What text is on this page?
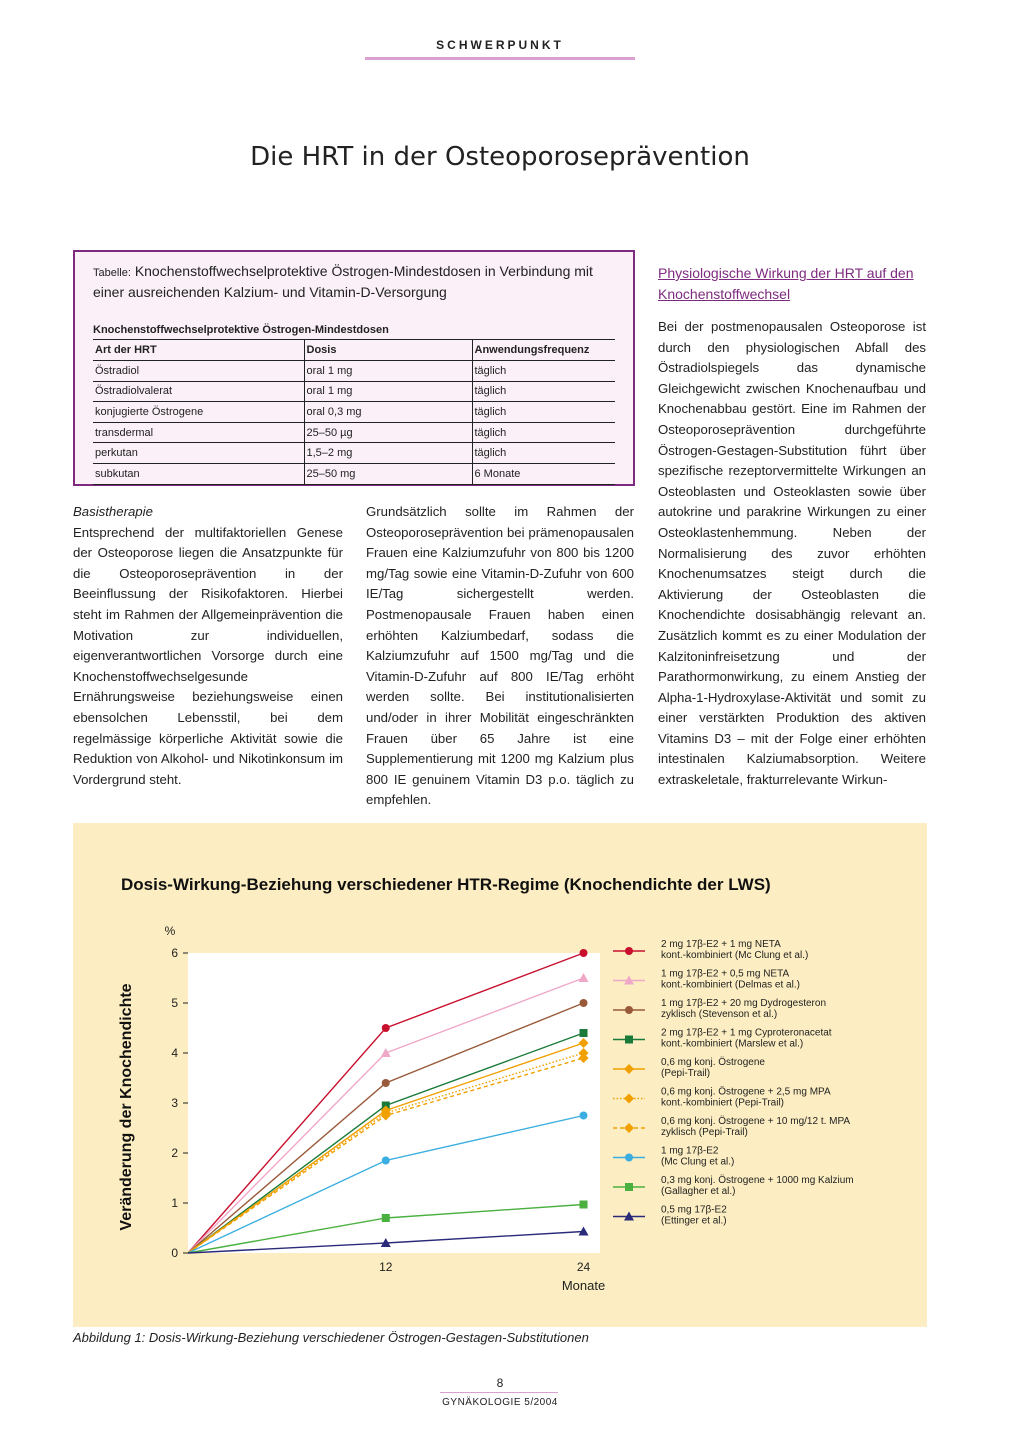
SCHWERPUNKT
Die HRT in der Osteoporoseprävention
Tabelle: Knochenstoffwechselprotektive Östrogen-Mindestdosen in Verbindung mit einer ausreichenden Kalzium- und Vitamin-D-Versorgung
Knochenstoffwechselprotektive Östrogen-Mindestdosen
Art der HRT	Dosis	Anwendungsfrequenz
Östradiol	oral 1 mg	täglich
Östradiolvalerat	oral 1 mg	täglich
konjugierte Östrogene	oral 0,3 mg	täglich
transdermal	25–50 µg	täglich
perkutan	1,5–2 mg	täglich
subkutan	25–50 mg	6 Monate
Basistherapie
Entsprechend der multifaktoriellen Genese der Osteoporose liegen die Ansatzpunkte für die Osteoporoseprävention in der Beeinflussung der Risikofaktoren. Hierbei steht im Rahmen der Allgemeinprävention die Motivation zur individuellen, eigenverantwortlichen Vorsorge durch eine Knochenstoffwechselgesunde Ernährungsweise beziehungsweise einen ebensolchen Lebensstil, bei dem regelmässige körperliche Aktivität sowie die Reduktion von Alkohol- und Nikotinkonsum im Vordergrund steht.
Grundsätzlich sollte im Rahmen der Osteoporoseprävention bei prämenopausalen Frauen eine Kalziumzufuhr von 800 bis 1200 mg/Tag sowie eine Vitamin-D-Zufuhr von 600 IE/Tag sichergestellt werden. Postmenopausale Frauen haben einen erhöhten Kalziumbedarf, sodass die Kalziumzufuhr auf 1500 mg/Tag und die Vitamin-D-Zufuhr auf 800 IE/Tag erhöht werden sollte. Bei institutionalisierten und/oder in ihrer Mobilität eingeschränkten Frauen über 65 Jahre ist eine Supplementierung mit 1200 mg Kalzium plus 800 IE genuinem Vitamin D3 p.o. täglich zu empfehlen.
Physiologische Wirkung der HRT auf den Knochenstoffwechsel
Bei der postmenopausalen Osteoporose ist durch den physiologischen Abfall des Östradiolspiegels das dynamische Gleichgewicht zwischen Knochenaufbau und Knochenabbau gestört. Eine im Rahmen der Osteoporoseprävention durchgeführte Östrogen-Gestagen-Substitution führt über spezifische rezeptorvermittelte Wirkungen an Osteoblasten und Osteoklasten sowie über autokrine und parakrine Wirkungen zu einer Osteoklastenhemmung. Neben der Normalisierung des zuvor erhöhten Knochenumsatzes steigt durch die Aktivierung der Osteoblasten die Knochendichte dosisabhängig relevant an. Zusätzlich kommt es zu einer Modulation der Kalzitoninfreisetzung und der Parathormonwirkung, zu einem Anstieg der Alpha-1-Hydroxylase-Aktivität und somit zu einer verstärkten Produktion des aktiven Vitamins D3 – mit der Folge einer erhöhten intestinalen Kalziumabsorption. Weitere extraskeletale, frakturrelevante Wirkun-
Dosis-Wirkung-Beziehung verschiedener HTR-Regime (Knochendichte der LWS)
0
1
2
3
4
5
6
%
Veränderung der Knochendichte
12	24
Monate
2 mg 17β-E2 + 1 mg NETA
kont.-kombiniert (Mc Clung et al.)
1 mg 17β-E2 + 0,5 mg NETA
kont.-kombiniert (Delmas et al.)
1 mg 17β-E2 + 20 mg Dydrogesteron
zyklisch (Stevenson et al.)
2 mg 17β-E2 + 1 mg Cyproteronacetat
kont.-kombiniert (Marslew et al.)
0,6 mg konj. Östrogene
(Pepi-Trail)
0,6 mg konj. Östrogene + 2,5 mg MPA
kont.-kombiniert (Pepi-Trail)
0,6 mg konj. Östrogene + 10 mg/12 t. MPA
zyklisch (Pepi-Trail)
1 mg 17β-E2
(Mc Clung et al.)
0,3 mg konj. Östrogene + 1000 mg Kalzium
(Gallagher et al.)
0,5 mg 17β-E2
(Ettinger et al.)
Abbildung 1: Dosis-Wirkung-Beziehung verschiedener Östrogen-Gestagen-Substitutionen
8
GYNÄKOLOGIE 5/2004
